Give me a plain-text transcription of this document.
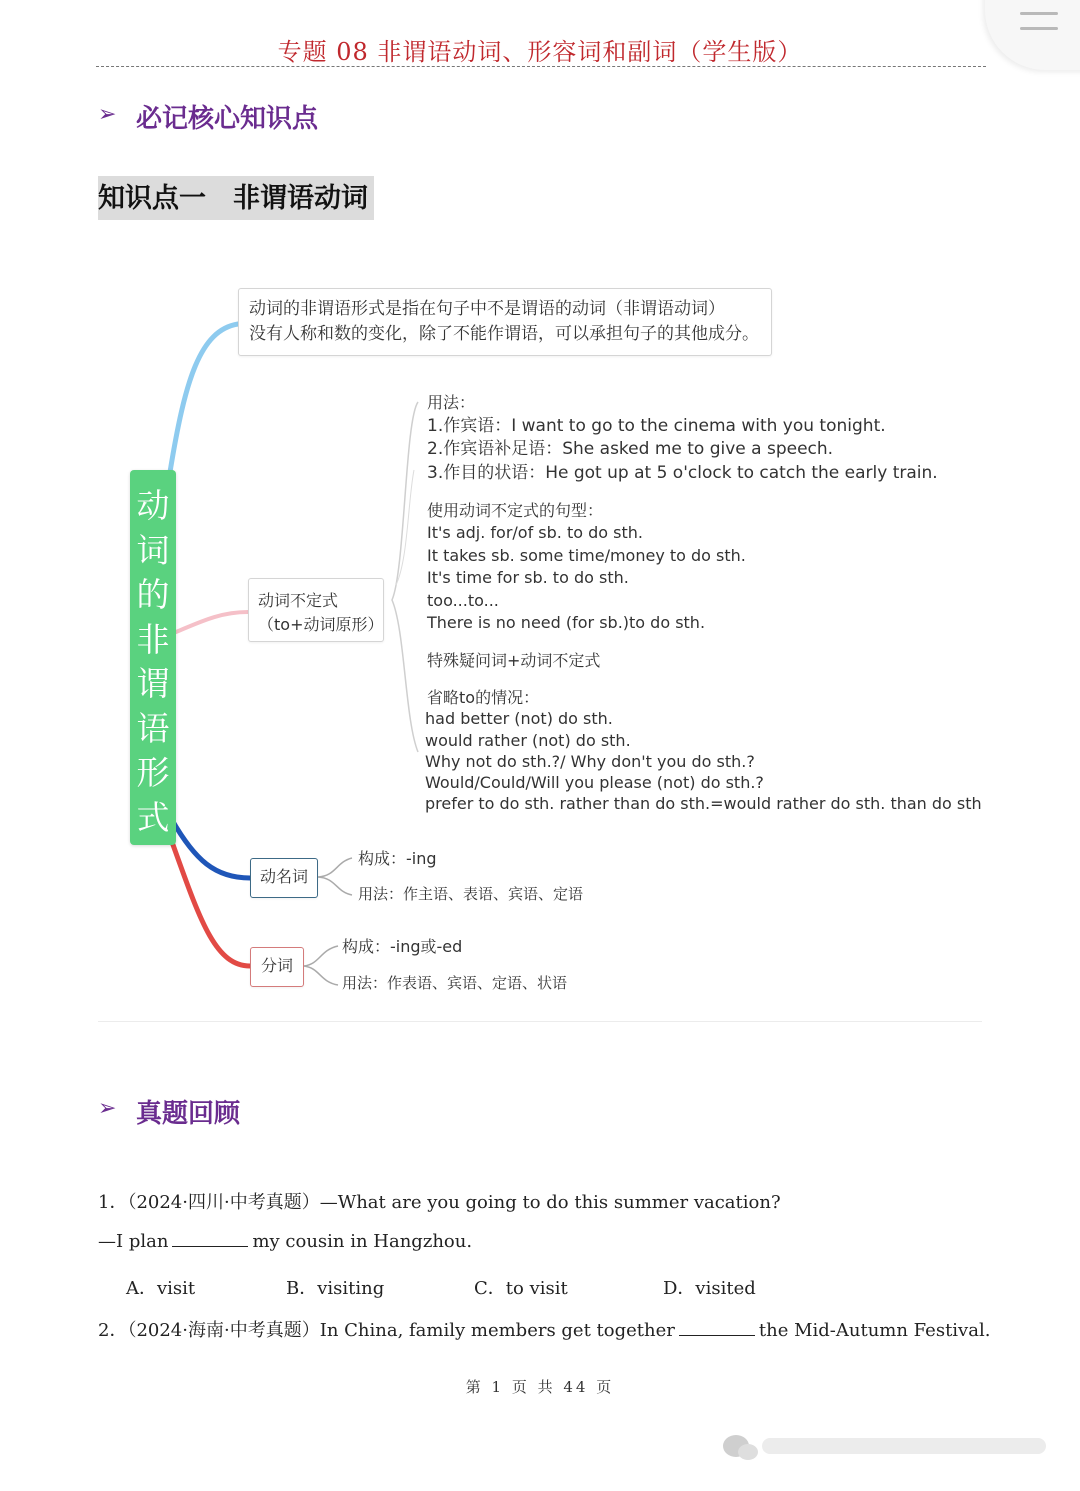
专题 08 非谓语动词、形容词和副词（学生版）
➢ 必记核心知识点
知识点一　非谓语动词
动词的非谓语形式
动词的非谓语形式是指在句子中不是谓语的动词（非谓语动词）
没有人称和数的变化，除了不能作谓语，可以承担句子的其他成分。
动词不定式（to+动词原形）
用法：
1.作宾语：I want to go to the cinema with you tonight.
2.作宾语补足语：She asked me to give a speech.
3.作目的状语：He got up at 5 o'clock to catch the early train.
使用动词不定式的句型：
It's adj. for/of sb. to do sth.
It takes sb. some time/money to do sth.
It's time for sb. to do sth.
too...to...
There is no need (for sb.)to do sth.
特殊疑问词+动词不定式
省略to的情况：
had better (not) do sth.
would rather (not) do sth.
Why not do sth.?/ Why don't you do sth.?
Would/Could/Will you please (not) do sth.?
prefer to do sth. rather than do sth.=would rather do sth. than do sth
动名词
构成：-ing
用法：作主语、表语、宾语、定语
分词
构成：-ing或-ed
用法：作表语、宾语、定语、状语
➢ 真题回顾
1．（2024·四川·中考真题）—What are you going to do this summer vacation?
—I plan	my cousin in Hangzhou.
A．visit	B．visiting	C．to visit	D．visited
2．（2024·海南·中考真题）In China, family members get together	the Mid-Autumn Festival.
第 1 页 共 44 页
